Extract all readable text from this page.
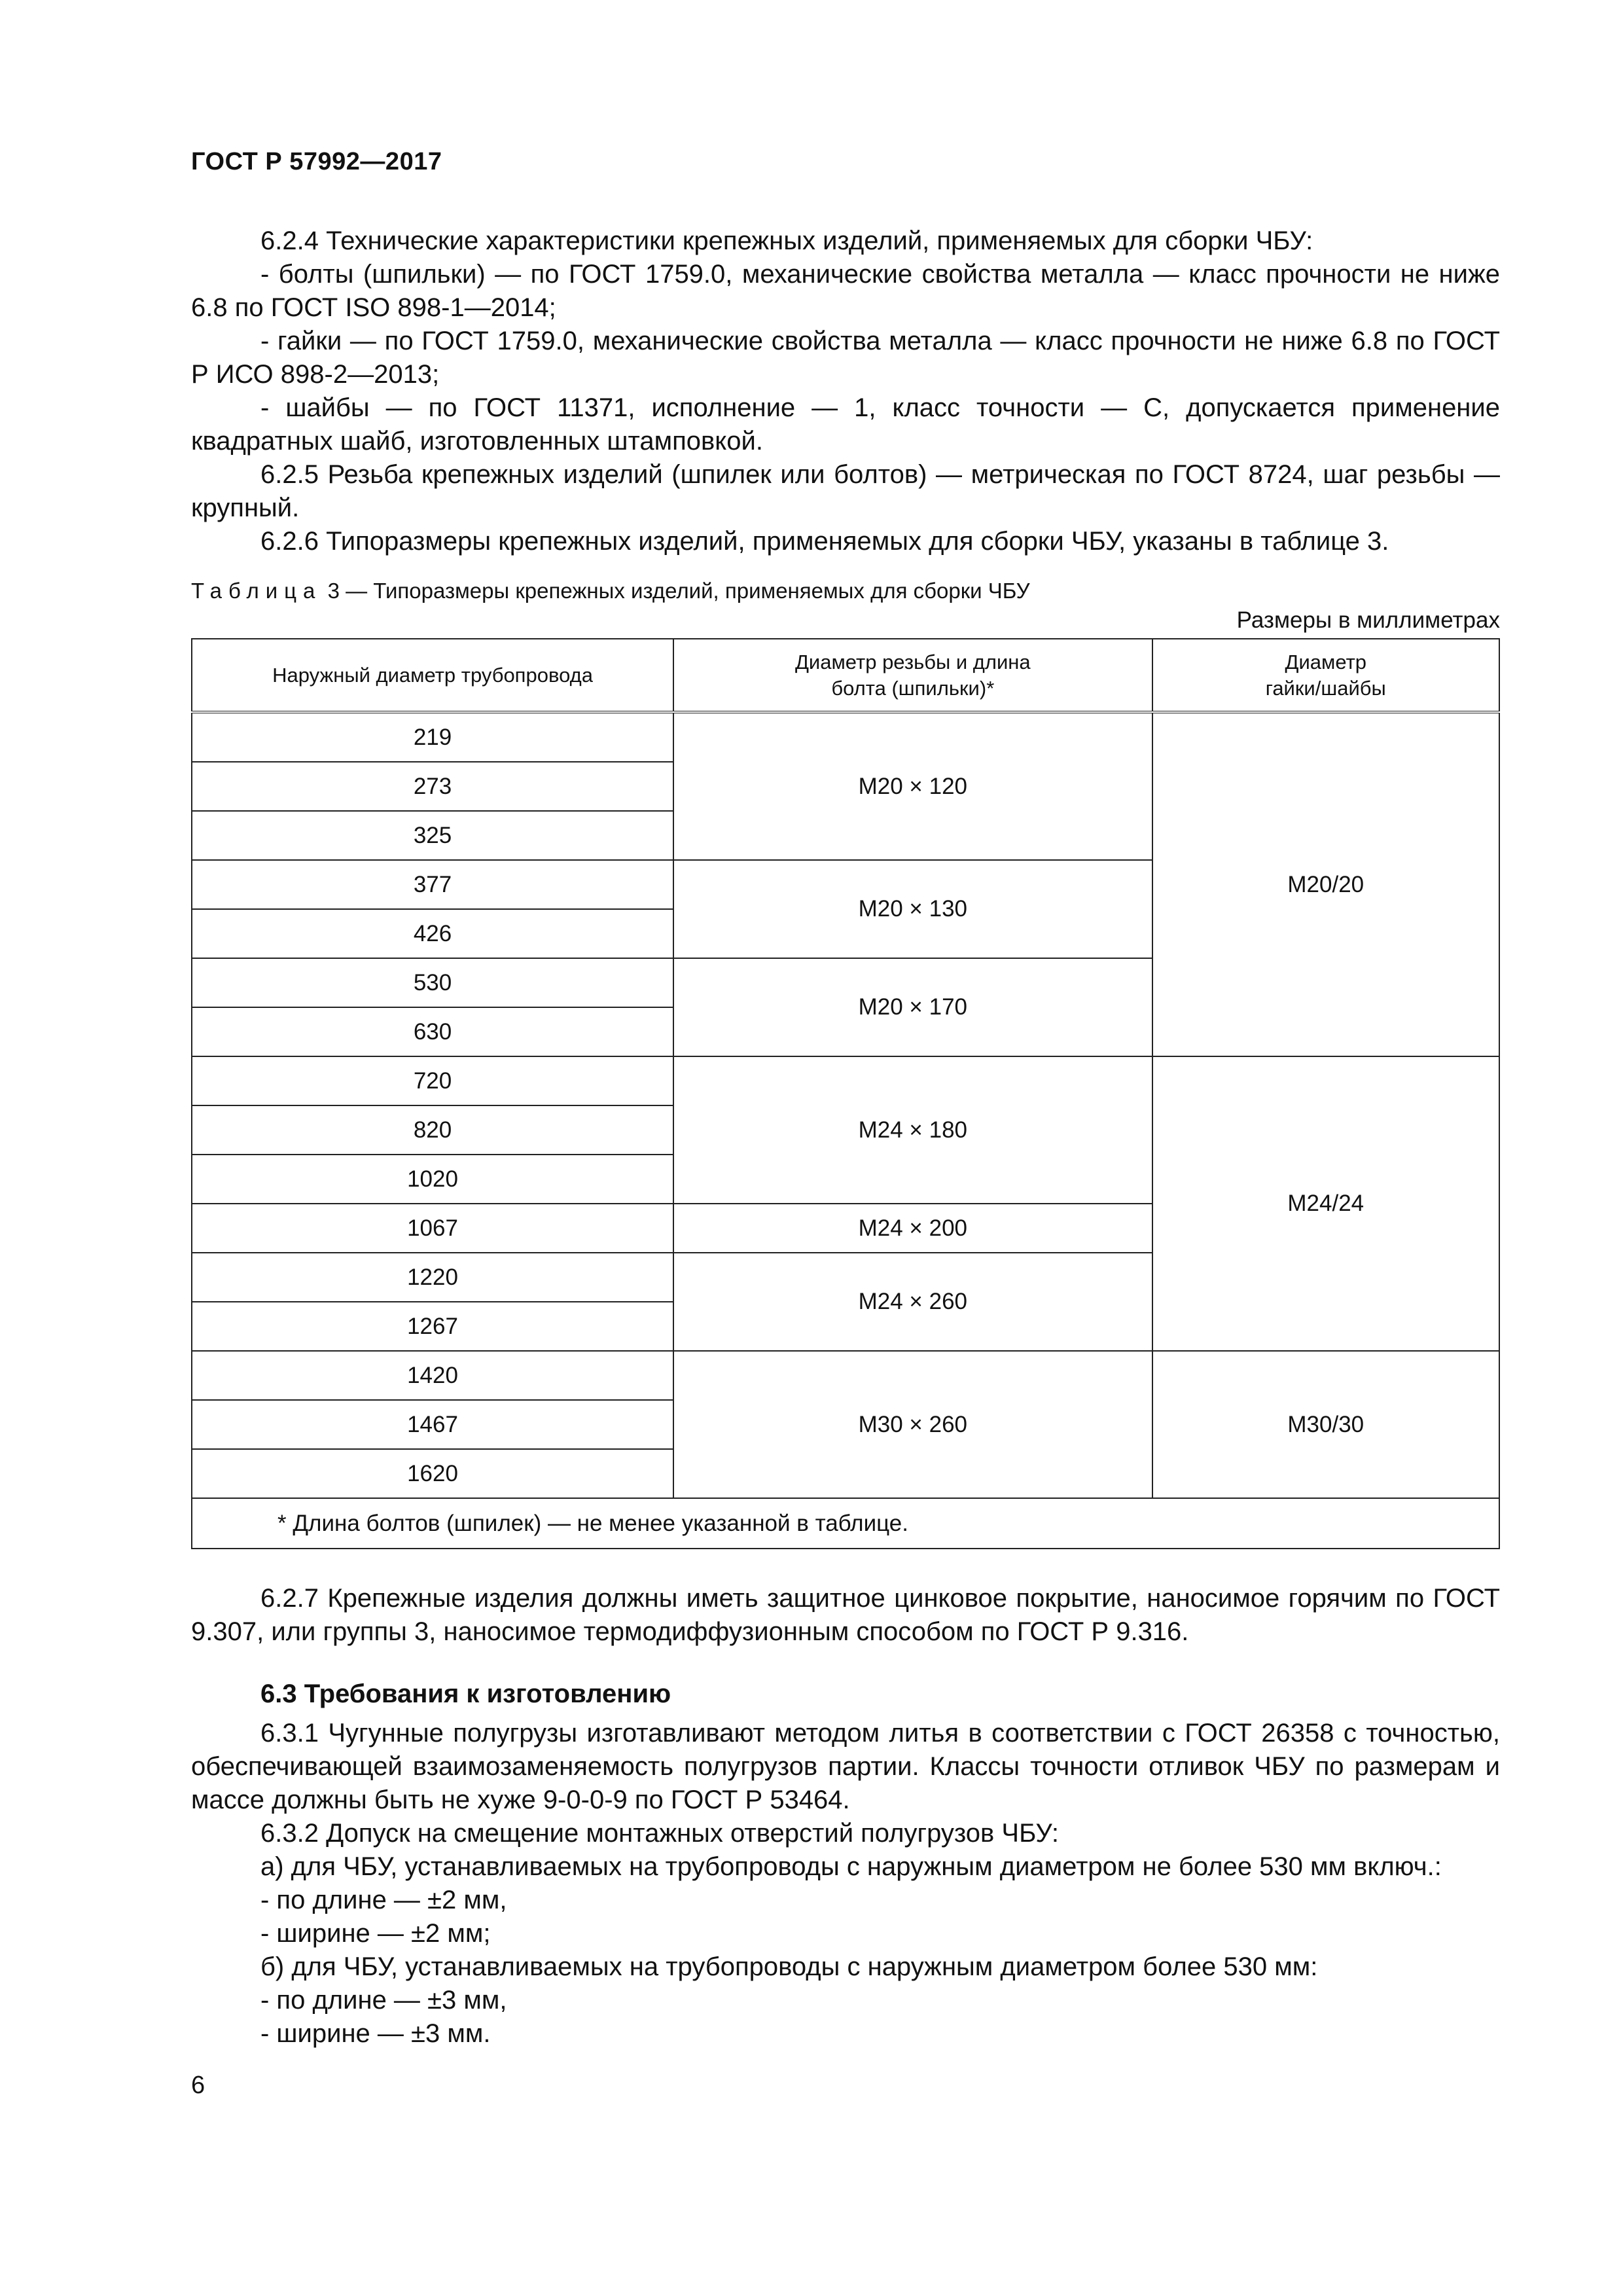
ГОСТ Р 57992—2017

6.2.4 Технические характеристики крепежных изделий, применяемых для сборки ЧБУ:

- болты (шпильки) — по ГОСТ 1759.0, механические свойства металла — класс прочности не ниже 6.8 по ГОСТ ISO 898-1—2014;

- гайки — по ГОСТ 1759.0, механические свойства металла — класс прочности не ниже 6.8 по ГОСТ Р ИСО 898-2—2013;

- шайбы — по ГОСТ 11371, исполнение — 1, класс точности — С, допускается применение квадратных шайб, изготовленных штамповкой.

6.2.5 Резьба крепежных изделий (шпилек или болтов) — метрическая по ГОСТ 8724, шаг резьбы — крупный.

6.2.6 Типоразмеры крепежных изделий, применяемых для сборки ЧБУ, указаны в таблице 3.

Таблица 3 — Типоразмеры крепежных изделий, применяемых для сборки ЧБУ
Размеры в миллиметрах
Наружный диаметр трубопровода	Диаметр резьбы и длина болта (шпильки)*	Диаметр гайки/шайбы

219	M20 × 120	M20/20
273		
325		
377	M20 × 130	
426		
530	M20 × 170	
630		
720	M24 × 180	M24/24
820		
1020		
1067	M24 × 200	
1220	M24 × 260	
1267		
1420	M30 × 260	M30/30
1467		
1620		
* Длина болтов (шпилек) — не менее указанной в таблице.		

6.2.7 Крепежные изделия должны иметь защитное цинковое покрытие, наносимое горячим по ГОСТ 9.307, или группы 3, наносимое термодиффузионным способом по ГОСТ Р 9.316.

6.3 Требования к изготовлению

6.3.1 Чугунные полугрузы изготавливают методом литья в соответствии с ГОСТ 26358 с точностью, обеспечивающей взаимозаменяемость полугрузов партии. Классы точности отливок ЧБУ по размерам и массе должны быть не хуже 9-0-0-9 по ГОСТ Р 53464.

6.3.2 Допуск на смещение монтажных отверстий полугрузов ЧБУ:

а) для ЧБУ, устанавливаемых на трубопроводы с наружным диаметром не более 530 мм включ.:

- по длине — ±2 мм,

- ширине — ±2 мм;

б) для ЧБУ, устанавливаемых на трубопроводы с наружным диаметром более 530 мм:

- по длине — ±3 мм,

- ширине — ±3 мм.

6
